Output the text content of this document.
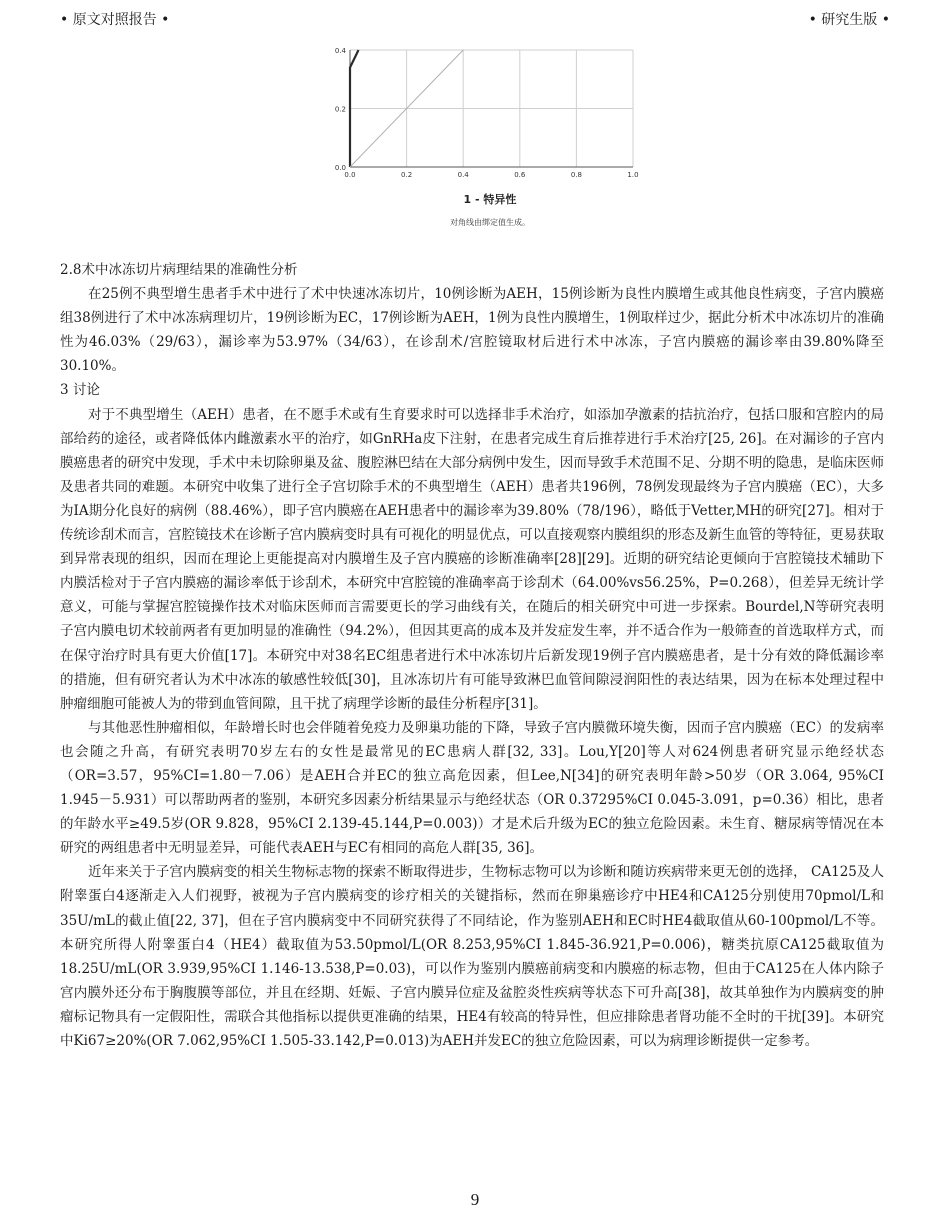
• 原文对照报告 •	• 研究生版 •
0.0	0.2	0.4	0.6	0.8	1.0
0.0
0.2
0.4
1 - 特异性
对角线由绑定值生成。

2.8术中冰冻切片病理结果的准确性分析

在25例不典型增生患者手术中进行了术中快速冰冻切片，10例诊断为AEH，15例诊断为良性内膜增生或其他良性病变，子宫内膜癌组38例进行了术中冰冻病理切片，19例诊断为EC，17例诊断为AEH，1例为良性内膜增生，1例取样过少，据此分析术中冰冻切片的准确性为46.03%（29/63），漏诊率为53.97%（34/63），在诊刮术/宫腔镜取材后进行术中冰冻，子宫内膜癌的漏诊率由39.80%降至30.10%。

3 讨论

对于不典型增生（AEH）患者，在不愿手术或有生育要求时可以选择非手术治疗，如添加孕激素的拮抗治疗，包括口服和宫腔内的局部给药的途径，或者降低体内雌激素水平的治疗，如GnRHa皮下注射，在患者完成生育后推荐进行手术治疗[25, 26]。在对漏诊的子宫内膜癌患者的研究中发现，手术中未切除卵巢及盆、腹腔淋巴结在大部分病例中发生，因而导致手术范围不足、分期不明的隐患，是临床医师及患者共同的难题。本研究中收集了进行全子宫切除手术的不典型增生（AEH）患者共196例，78例发现最终为子宫内膜癌（EC），大多为IA期分化良好的病例（88.46%），即子宫内膜癌在AEH患者中的漏诊率为39.80%（78/196），略低于Vetter,MH的研究[27]。相对于传统诊刮术而言，宫腔镜技术在诊断子宫内膜病变时具有可视化的明显优点，可以直接观察内膜组织的形态及新生血管的等特征，更易获取到异常表现的组织，因而在理论上更能提高对内膜增生及子宫内膜癌的诊断准确率[28][29]。近期的研究结论更倾向于宫腔镜技术辅助下内膜活检对于子宫内膜癌的漏诊率低于诊刮术，本研究中宫腔镜的准确率高于诊刮术（64.00%vs56.25%，P=0.268），但差异无统计学意义，可能与掌握宫腔镜操作技术对临床医师而言需要更长的学习曲线有关，在随后的相关研究中可进一步探索。Bourdel,N等研究表明子宫内膜电切术较前两者有更加明显的准确性（94.2%），但因其更高的成本及并发症发生率，并不适合作为一般筛查的首选取样方式，而在保守治疗时具有更大价值[17]。本研究中对38名EC组患者进行术中冰冻切片后新发现19例子宫内膜癌患者，是十分有效的降低漏诊率的措施，但有研究者认为术中冰冻的敏感性较低[30]，且冰冻切片有可能导致淋巴血管间隙浸润阳性的表达结果，因为在标本处理过程中肿瘤细胞可能被人为的带到血管间隙，且干扰了病理学诊断的最佳分析程序[31]。

与其他恶性肿瘤相似，年龄增长时也会伴随着免疫力及卵巢功能的下降，导致子宫内膜微环境失衡，因而子宫内膜癌（EC）的发病率也会随之升高，有研究表明70岁左右的女性是最常见的EC患病人群[32, 33]。Lou,Y[20]等人对624例患者研究显示绝经状态（OR=3.57，95%CI=1.80－7.06）是AEH合并EC的独立高危因素，但Lee,N[34]的研究表明年龄>50岁（OR 3.064, 95%CI 1.945－5.931）可以帮助两者的鉴别，本研究多因素分析结果显示与绝经状态（OR 0.37295%CI 0.045-3.091，p=0.36）相比，患者的年龄水平≥49.5岁(OR 9.828，95%CI 2.139-45.144,P=0.003)）才是术后升级为EC的独立危险因素。未生育、糖尿病等情况在本研究的两组患者中无明显差异，可能代表AEH与EC有相同的高危人群[35, 36]。

近年来关于子宫内膜病变的相关生物标志物的探索不断取得进步，生物标志物可以为诊断和随访疾病带来更无创的选择， CA125及人附睾蛋白4逐渐走入人们视野，被视为子宫内膜病变的诊疗相关的关键指标，然而在卵巢癌诊疗中HE4和CA125分别使用70pmol/L和35U/mL的截止值[22, 37]，但在子宫内膜病变中不同研究获得了不同结论，作为鉴别AEH和EC时HE4截取值从60-100pmol/L不等。本研究所得人附睾蛋白4（HE4）截取值为53.50pmol/L(OR 8.253,95%CI 1.845-36.921,P=0.006)，糖类抗原CA125截取值为18.25U/mL(OR 3.939,95%CI 1.146-13.538,P=0.03)，可以作为鉴别内膜癌前病变和内膜癌的标志物，但由于CA125在人体内除子宫内膜外还分布于胸腹膜等部位，并且在经期、妊娠、子宫内膜异位症及盆腔炎性疾病等状态下可升高[38]，故其单独作为内膜病变的肿瘤标记物具有一定假阳性，需联合其他指标以提供更准确的结果，HE4有较高的特异性，但应排除患者肾功能不全时的干扰[39]。本研究中Ki67≥20%(OR 7.062,95%CI 1.505-33.142,P=0.013)为AEH并发EC的独立危险因素，可以为病理诊断提供一定参考。

9
